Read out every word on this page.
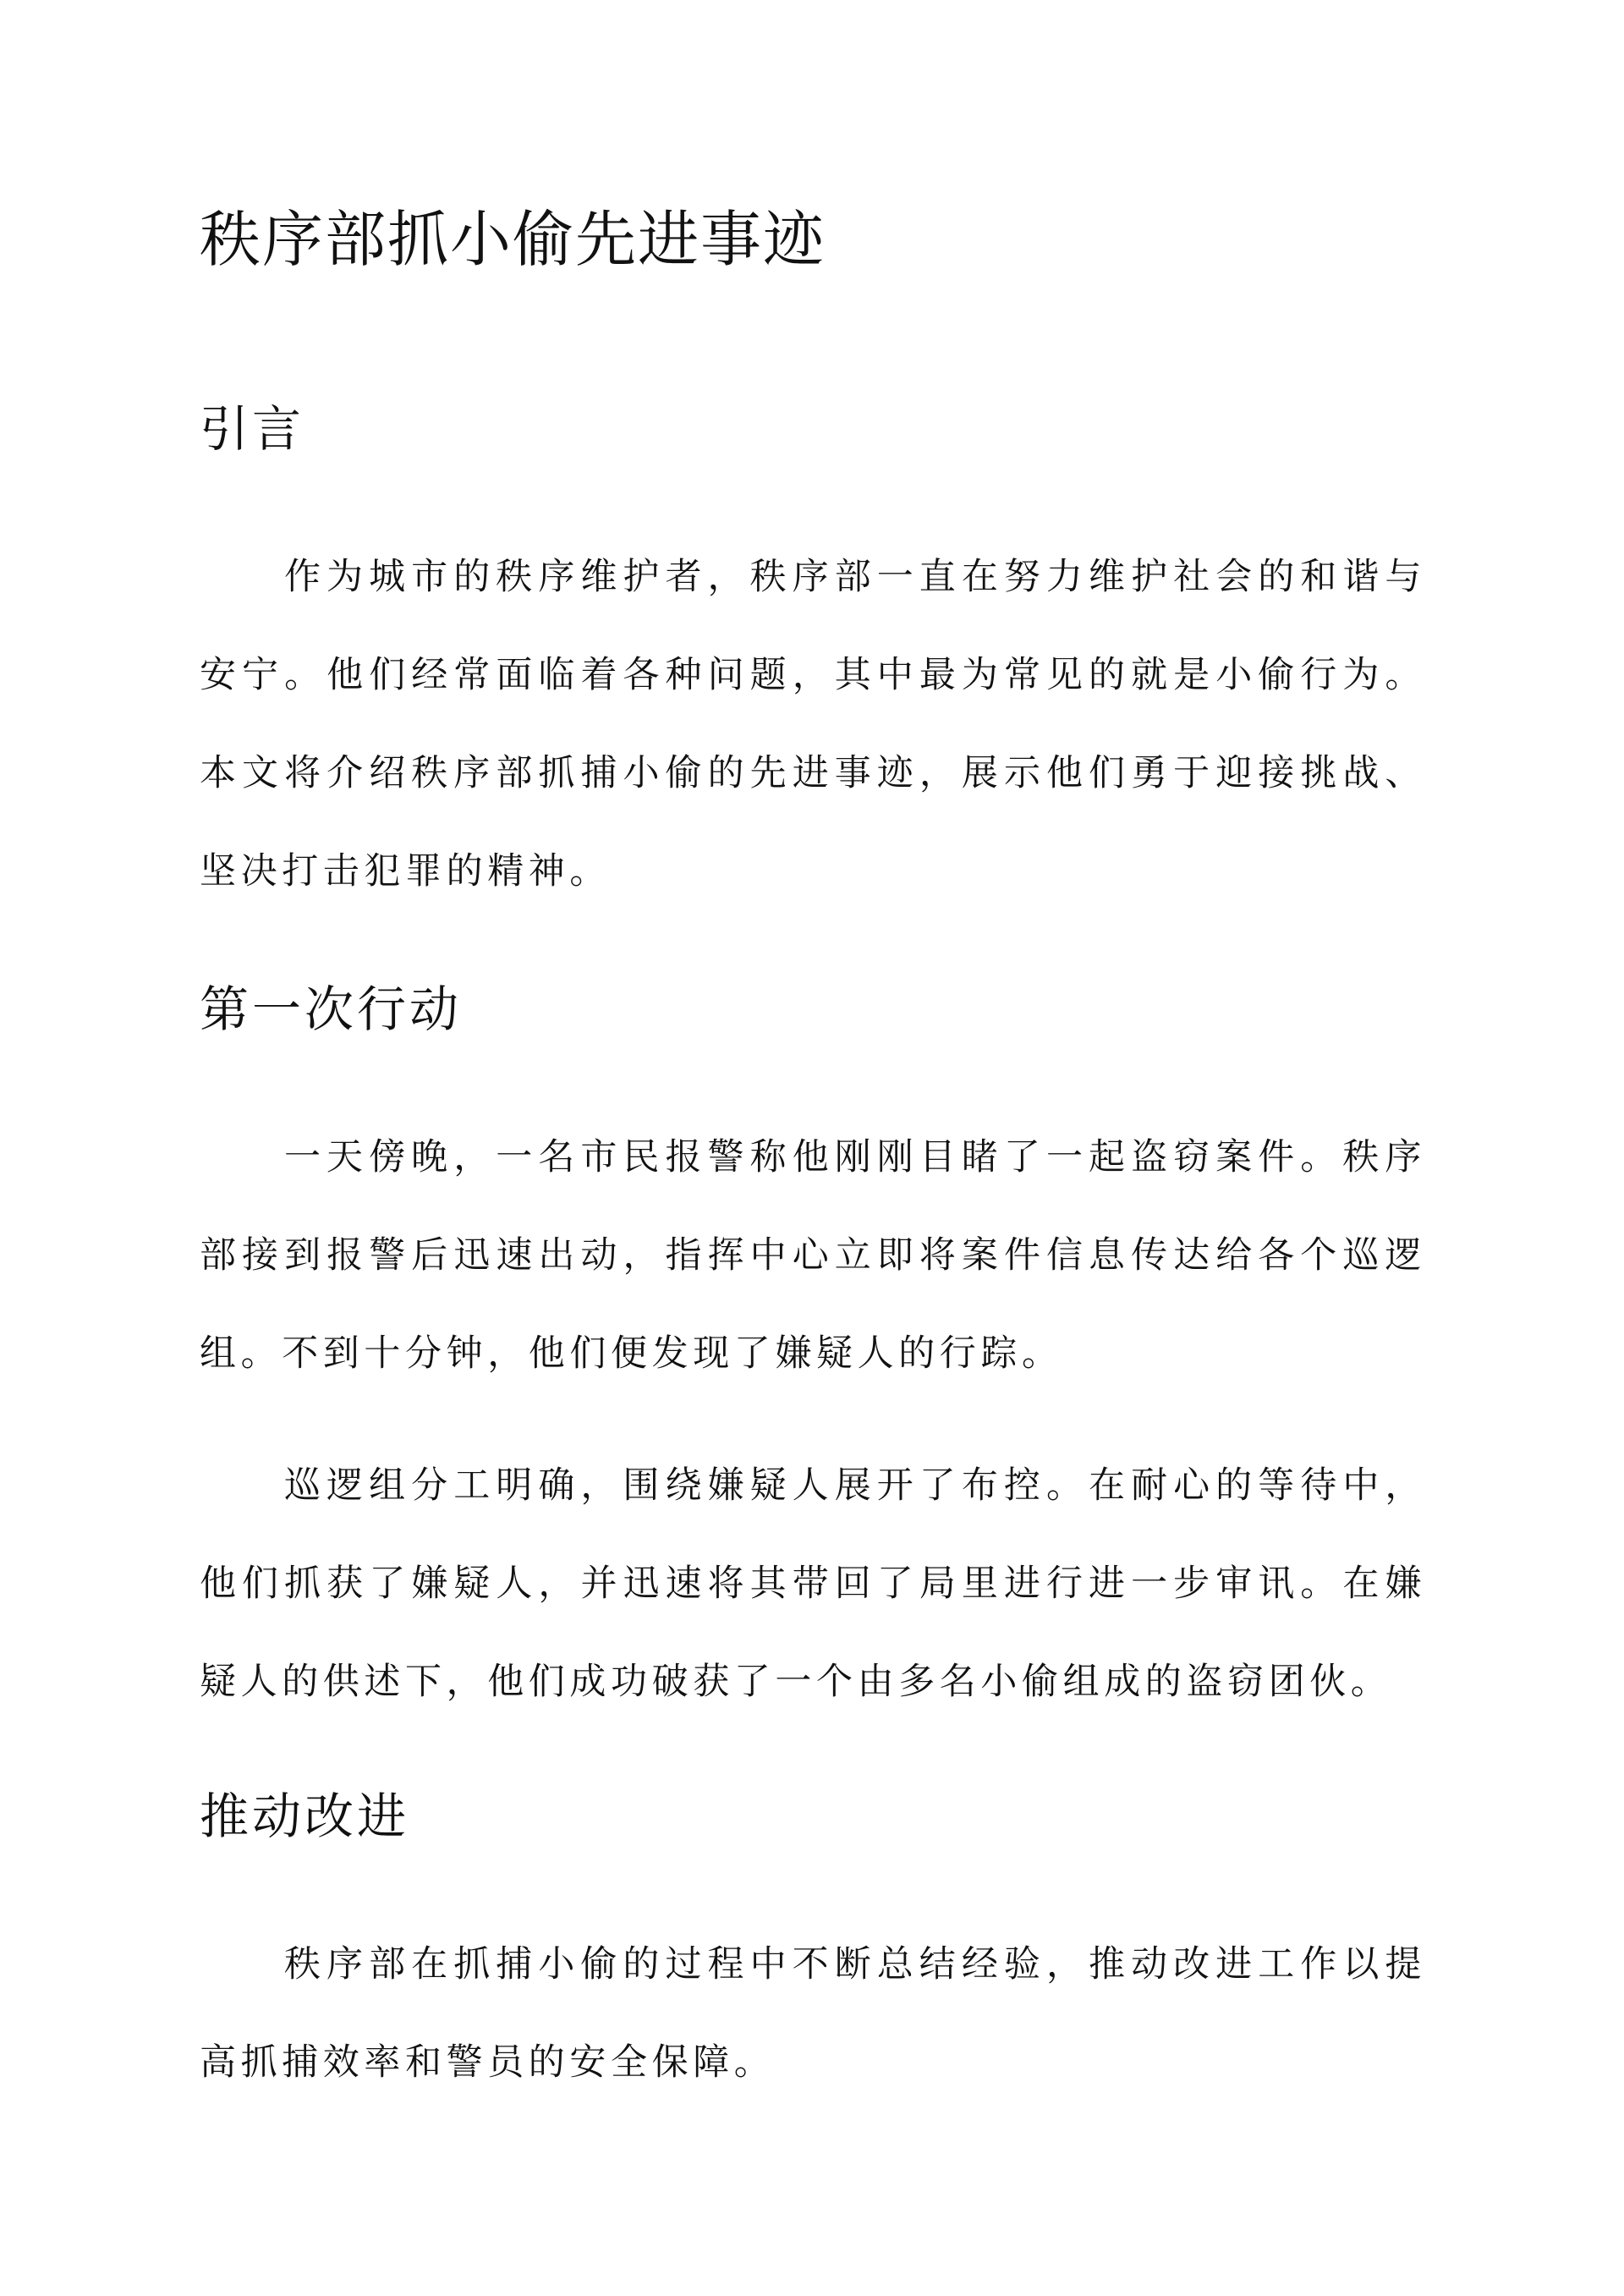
秩序部抓小偷先进事迹
引言

作为城市的秩序维护者，秩序部一直在努力维护社会的和谐与安宁。他们经常面临着各种问题，其中最为常见的就是小偷行为。本文将介绍秩序部抓捕小偷的先进事迹，展示他们勇于迎接挑战、坚决打击犯罪的精神。

第一次行动

一天傍晚，一名市民报警称他刚刚目睹了一起盗窃案件。秩序部接到报警后迅速出动，指挥中心立即将案件信息传达给各个巡逻组。不到十分钟，他们便发现了嫌疑人的行踪。

巡逻组分工明确，围绕嫌疑人展开了布控。在耐心的等待中，他们抓获了嫌疑人，并迅速将其带回了局里进行进一步审讯。在嫌疑人的供述下，他们成功破获了一个由多名小偷组成的盗窃团伙。

推动改进

秩序部在抓捕小偷的过程中不断总结经验，推动改进工作以提高抓捕效率和警员的安全保障。
